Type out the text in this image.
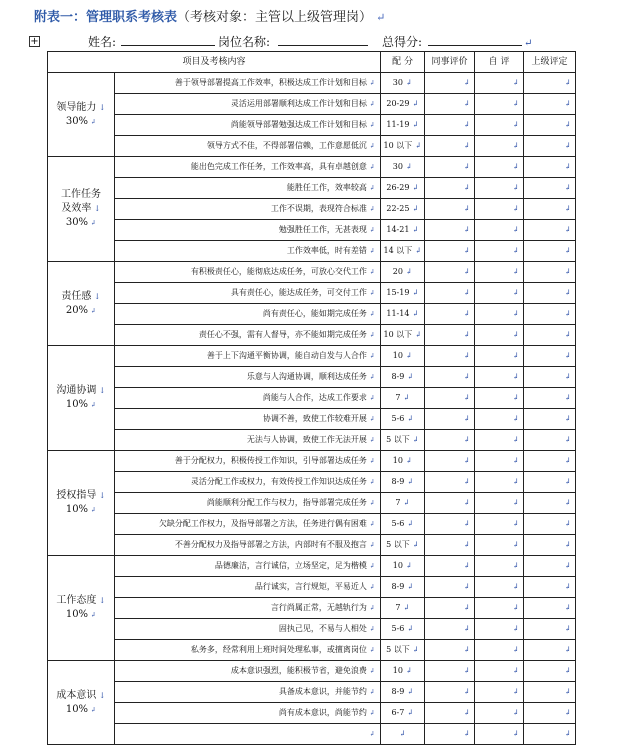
附表一：管理职系考核表（考核对象：主管以上级管理岗） ↵
+	姓名:	岗位名称:	总得分:	↵
项目及考核内容		配 分	同事评价	自 评	上级评定
领导能力 ↓
30% ↲	善于领导部署提高工作效率，积极达成工作计划和目标 ↲	30 ↲	↲	↲	↲
	灵活运用部署顺利达成工作计划和目标 ↲	20-29 ↲	↲	↲	↲
	尚能领导部署勉强达成工作计划和目标 ↲	11-19 ↲	↲	↲	↲
	领导方式不佳，不得部署信赖，工作意愿低沉 ↲	10 以下 ↲	↲	↲	↲
工作任务
及效率 ↓
30% ↲	能出色完成工作任务，工作效率高，具有卓越创意 ↲	30 ↲	↲	↲	↲
	能胜任工作，效率较高 ↲	26-29 ↲	↲	↲	↲
	工作不误期，表现符合标准 ↲	22-25 ↲	↲	↲	↲
	勉强胜任工作，无甚表现 ↲	14-21 ↲	↲	↲	↲
	工作效率低，时有差错 ↲	14 以下 ↲	↲	↲	↲
责任感 ↓
20% ↲	有积极责任心，能彻底达成任务，可放心交代工作 ↲	20 ↲	↲	↲	↲
	具有责任心，能达成任务，可交付工作 ↲	15-19 ↲	↲	↲	↲
	尚有责任心，能如期完成任务 ↲	11-14 ↲	↲	↲	↲
	责任心不强，需有人督导，亦不能如期完成任务 ↲	10 以下 ↲	↲	↲	↲
沟通协调 ↓
10% ↲	善于上下沟通平衡协调，能自动自发与人合作 ↲	10 ↲	↲	↲	↲
	乐意与人沟通协调，顺利达成任务 ↲	8-9 ↲	↲	↲	↲
	尚能与人合作，达成工作要求 ↲	7 ↲	↲	↲	↲
	协调不善，致使工作较难开展 ↲	5-6 ↲	↲	↲	↲
	无法与人协调，致使工作无法开展 ↲	5 以下 ↲	↲	↲	↲
授权指导 ↓
10% ↲	善于分配权力，积极传授工作知识，引导部署达成任务 ↲	10 ↲	↲	↲	↲
	灵活分配工作或权力，有效传授工作知识达成任务 ↲	8-9 ↲	↲	↲	↲
	尚能顺利分配工作与权力，指导部署完成任务 ↲	7 ↲	↲	↲	↲
	欠缺分配工作权力，及指导部署之方法，任务进行偶有困难 ↲	5-6 ↲	↲	↲	↲
	不善分配权力及指导部署之方法，内部时有不服及抱言 ↲	5 以下 ↲	↲	↲	↲
工作态度 ↓
10% ↲	品德廉洁，言行诚信，立场坚定，足为楷模 ↲	10 ↲	↲	↲	↲
	品行诚实，言行规矩，平易近人 ↲	8-9 ↲	↲	↲	↲
	言行尚属正常，无越轨行为 ↲	7 ↲	↲	↲	↲
	固执己见，不易与人相处 ↲	5-6 ↲	↲	↲	↲
	私务多，经常利用上班时间处理私事，或擅离岗位 ↲	5 以下 ↲	↲	↲	↲
成本意识 ↓
10% ↲	成本意识强烈，能积极节省，避免浪费 ↲	10 ↲	↲	↲	↲
	具备成本意识，并能节约 ↲	8-9 ↲	↲	↲	↲
	尚有成本意识，尚能节约 ↲	6-7 ↲	↲	↲	↲
	↲	↲	↲	↲	↲
